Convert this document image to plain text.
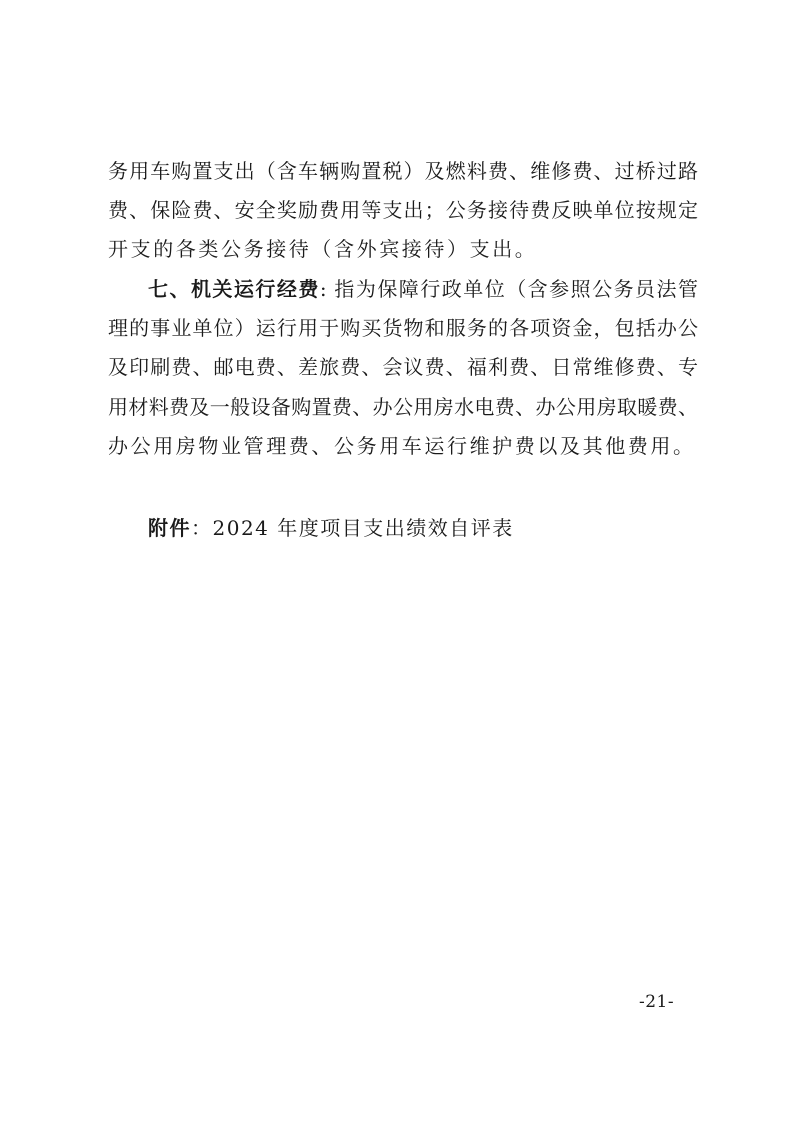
务用车购置支出（含车辆购置税）及燃料费、维修费、过桥过路
费、保险费、安全奖励费用等支出；公务接待费反映单位按规定
开支的各类公务接待（含外宾接待）支出。
七、机关运行经费: 指为保障行政单位（含参照公务员法管
理的事业单位）运行用于购买货物和服务的各项资金，包括办公
及印刷费、邮电费、差旅费、会议费、福利费、日常维修费、专
用材料费及一般设备购置费、办公用房水电费、办公用房取暖费、
办公用房物业管理费、公务用车运行维护费以及其他费用。
附件：2024 年度项目支出绩效自评表
-21-
